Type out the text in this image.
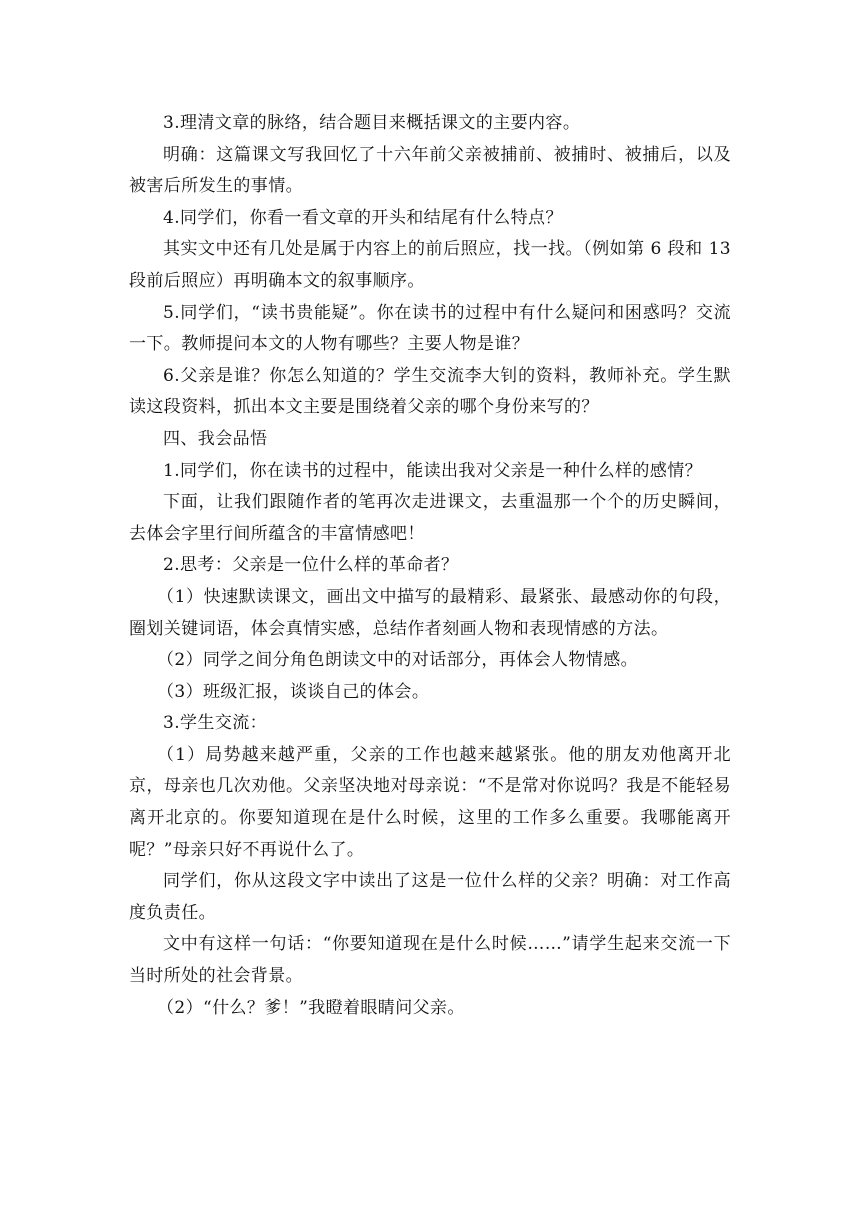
3.理清文章的脉络，结合题目来概括课文的主要内容。

明确：这篇课文写我回忆了十六年前父亲被捕前、被捕时、被捕后，以及被害后所发生的事情。

4.同学们，你看一看文章的开头和结尾有什么特点？

其实文中还有几处是属于内容上的前后照应，找一找。（例如第 6 段和 13 段前后照应）再明确本文的叙事顺序。

5.同学们，“读书贵能疑”。你在读书的过程中有什么疑问和困惑吗？交流一下。教师提问本文的人物有哪些？主要人物是谁？

6.父亲是谁？你怎么知道的？学生交流李大钊的资料，教师补充。学生默读这段资料，抓出本文主要是围绕着父亲的哪个身份来写的？

四、我会品悟

1.同学们，你在读书的过程中，能读出我对父亲是一种什么样的感情？

下面，让我们跟随作者的笔再次走进课文，去重温那一个个的历史瞬间，去体会字里行间所蕴含的丰富情感吧！

2.思考：父亲是一位什么样的革命者？

（1）快速默读课文，画出文中描写的最精彩、最紧张、最感动你的句段，圈划关键词语，体会真情实感，总结作者刻画人物和表现情感的方法。

（2）同学之间分角色朗读文中的对话部分，再体会人物情感。

（3）班级汇报，谈谈自己的体会。

3.学生交流：

（1）局势越来越严重，父亲的工作也越来越紧张。他的朋友劝他离开北京，母亲也几次劝他。父亲坚决地对母亲说：“不是常对你说吗？我是不能轻易离开北京的。你要知道现在是什么时候，这里的工作多么重要。我哪能离开呢？”母亲只好不再说什么了。

同学们，你从这段文字中读出了这是一位什么样的父亲？明确：对工作高度负责任。

文中有这样一句话：“你要知道现在是什么时候……”请学生起来交流一下当时所处的社会背景。

（2）“什么？爹！”我瞪着眼睛问父亲。
